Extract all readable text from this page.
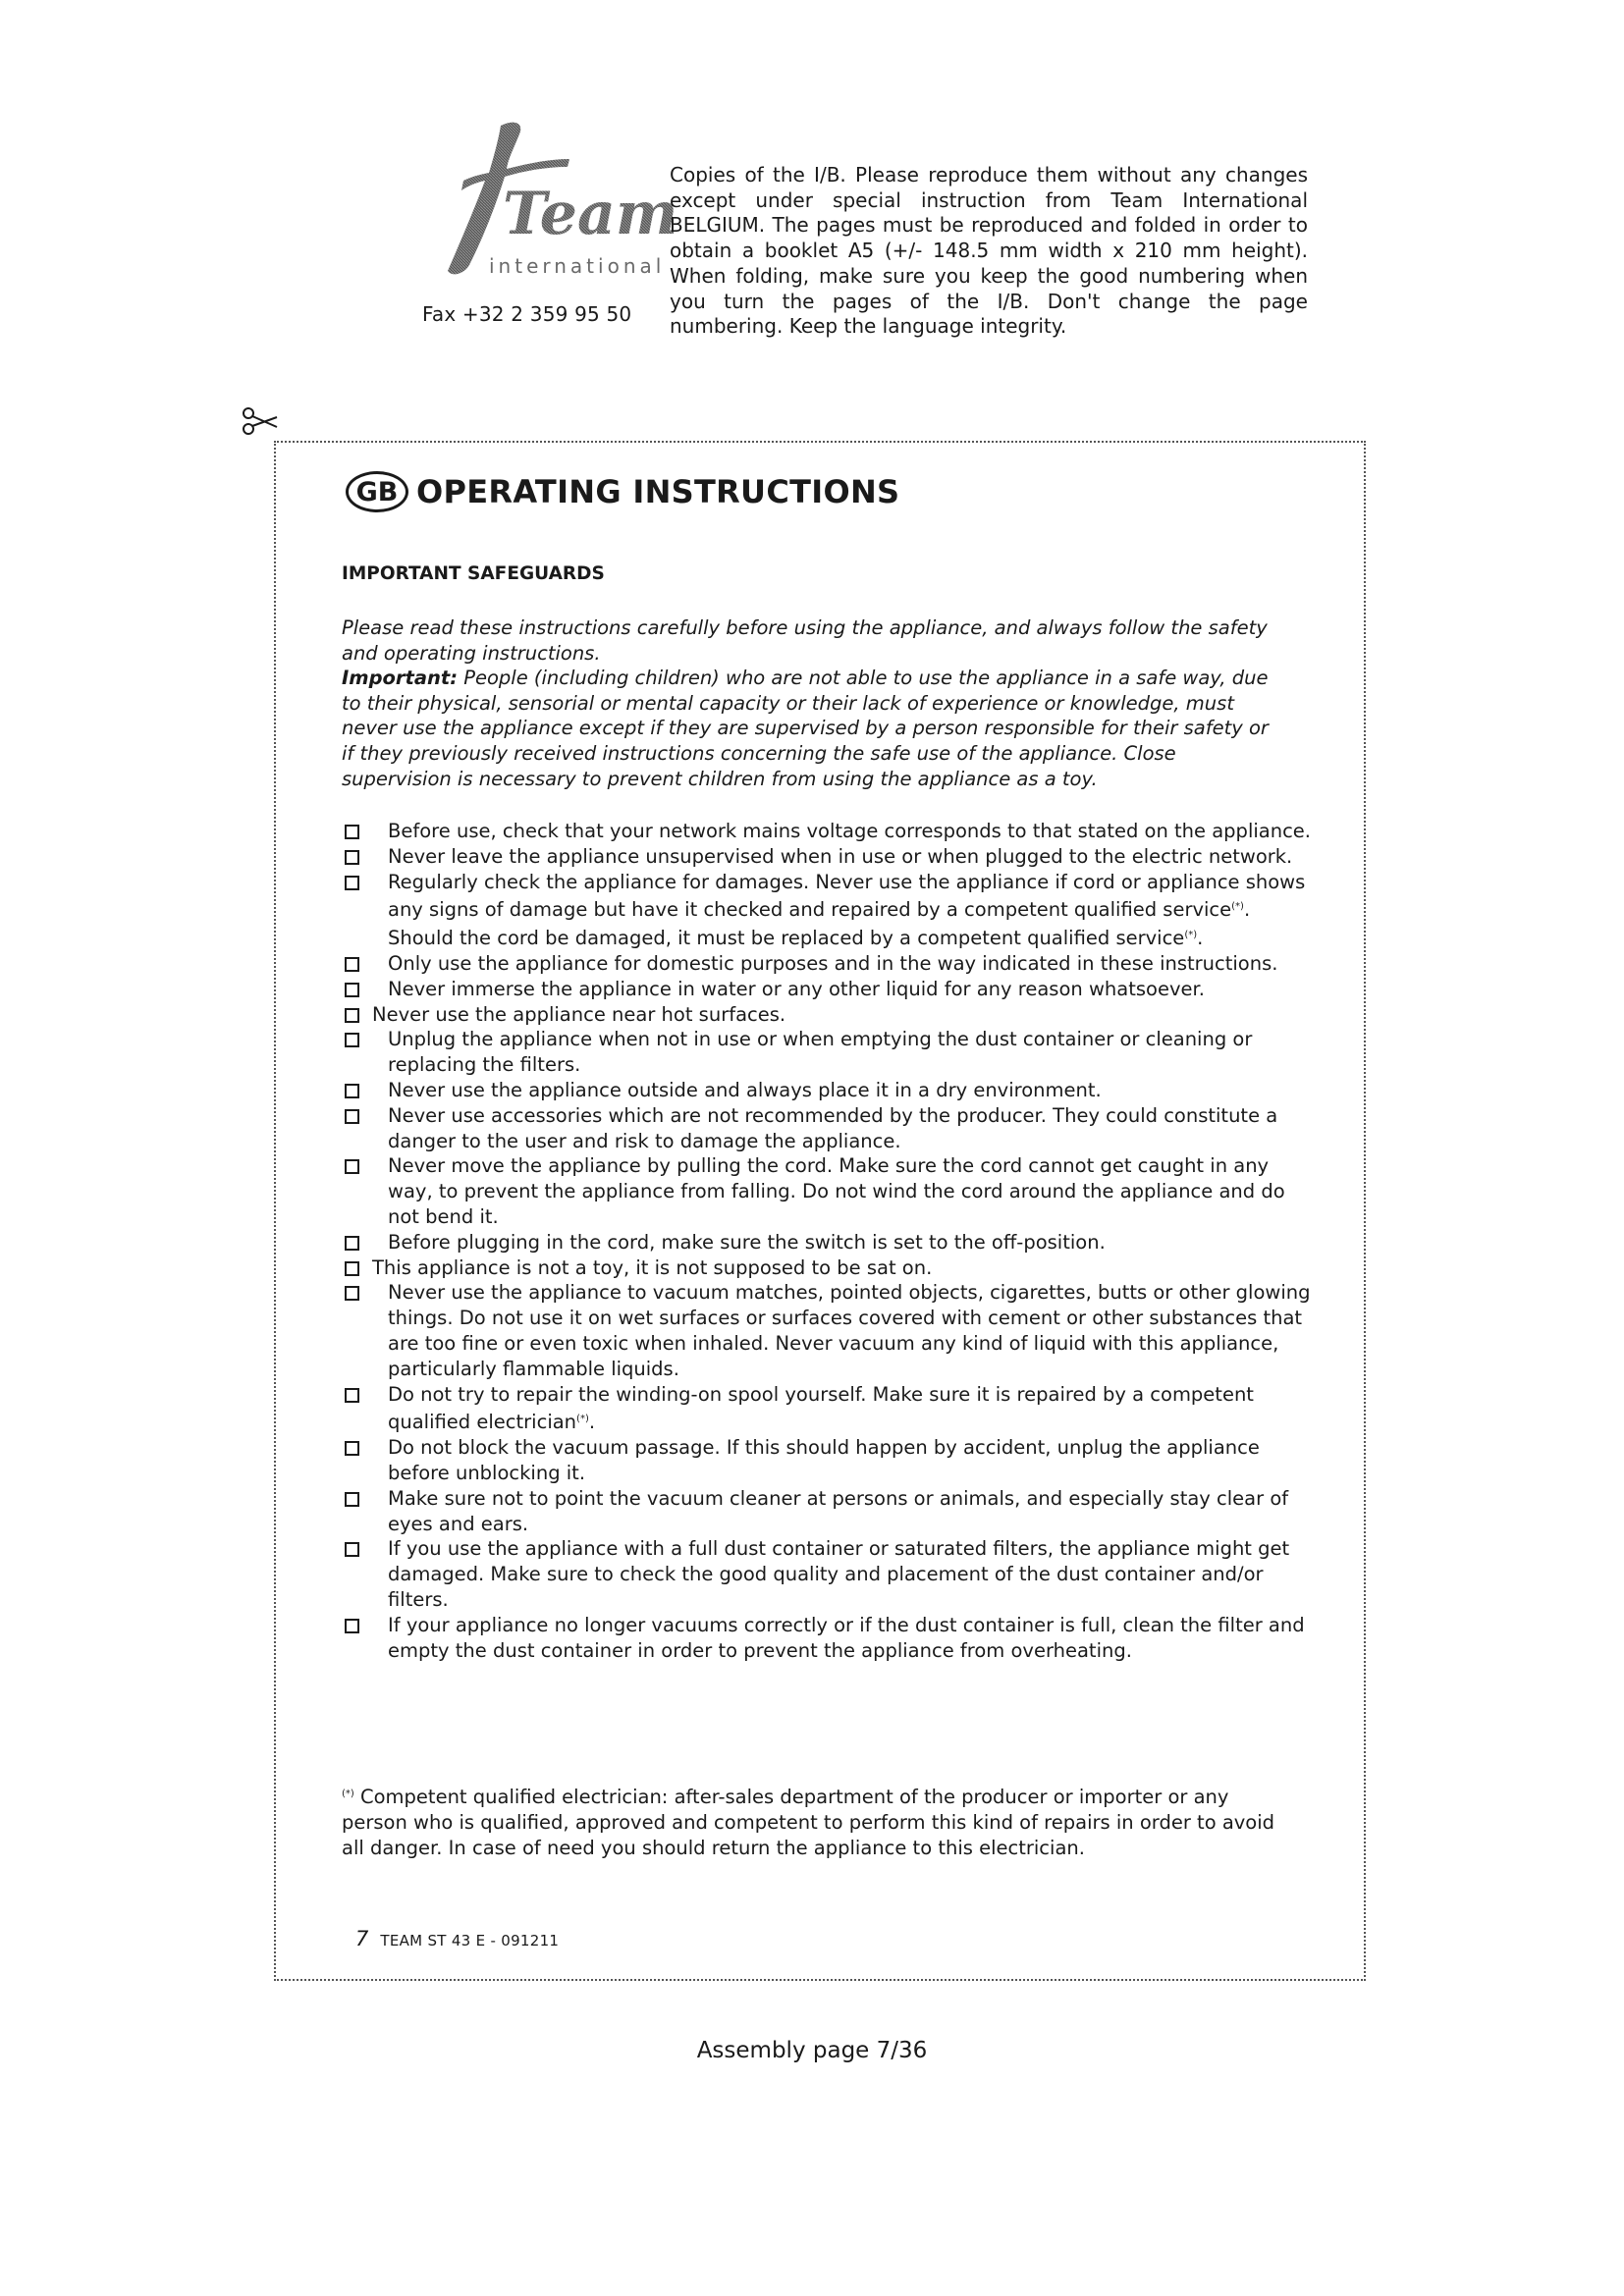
Team
international
Fax +32 2 359 95 50
Copies of the I/B. Please reproduce them without any changes except under special instruction from Team International BELGIUM. The pages must be reproduced and folded in order to obtain a booklet A5 (+/- 148.5 mm width x 210 mm height). When folding, make sure you keep the good numbering when you turn the pages of the I/B. Don't change the page numbering. Keep the language integrity.
GB OPERATING INSTRUCTIONS
IMPORTANT SAFEGUARDS

Please read these instructions carefully before using the appliance, and always follow the safety and operating instructions.
Important: People (including children) who are not able to use the appliance in a safe way, due to their physical, sensorial or mental capacity or their lack of experience or knowledge, must never use the appliance except if they are supervised by a person responsible for their safety or if they previously received instructions concerning the safe use of the appliance. Close supervision is necessary to prevent children from using the appliance as a toy.

Before use, check that your network mains voltage corresponds to that stated on the appliance.
Never leave the appliance unsupervised when in use or when plugged to the electric network.
Regularly check the appliance for damages. Never use the appliance if cord or appliance shows any signs of damage but have it checked and repaired by a competent qualified service(*). Should the cord be damaged, it must be replaced by a competent qualified service(*).
Only use the appliance for domestic purposes and in the way indicated in these instructions.
Never immerse the appliance in water or any other liquid for any reason whatsoever.
Never use the appliance near hot surfaces.
Unplug the appliance when not in use or when emptying the dust container or cleaning or replacing the filters.
Never use the appliance outside and always place it in a dry environment.
Never use accessories which are not recommended by the producer. They could constitute a danger to the user and risk to damage the appliance.
Never move the appliance by pulling the cord. Make sure the cord cannot get caught in any way, to prevent the appliance from falling. Do not wind the cord around the appliance and do not bend it.
Before plugging in the cord, make sure the switch is set to the off-position.
This appliance is not a toy, it is not supposed to be sat on.
Never use the appliance to vacuum matches, pointed objects, cigarettes, butts or other glowing things. Do not use it on wet surfaces or surfaces covered with cement or other substances that are too fine or even toxic when inhaled. Never vacuum any kind of liquid with this appliance, particularly flammable liquids.
Do not try to repair the winding-on spool yourself. Make sure it is repaired by a competent qualified electrician(*).
Do not block the vacuum passage. If this should happen by accident, unplug the appliance before unblocking it.
Make sure not to point the vacuum cleaner at persons or animals, and especially stay clear of eyes and ears.
If you use the appliance with a full dust container or saturated filters, the appliance might get damaged. Make sure to check the good quality and placement of the dust container and/or filters.
If your appliance no longer vacuums correctly or if the dust container is full, clean the filter and empty the dust container in order to prevent the appliance from overheating.

(*) Competent qualified electrician: after-sales department of the producer or importer or any person who is qualified, approved and competent to perform this kind of repairs in order to avoid all danger. In case of need you should return the appliance to this electrician.

7 TEAM ST 43 E - 091211
Assembly page 7/36
